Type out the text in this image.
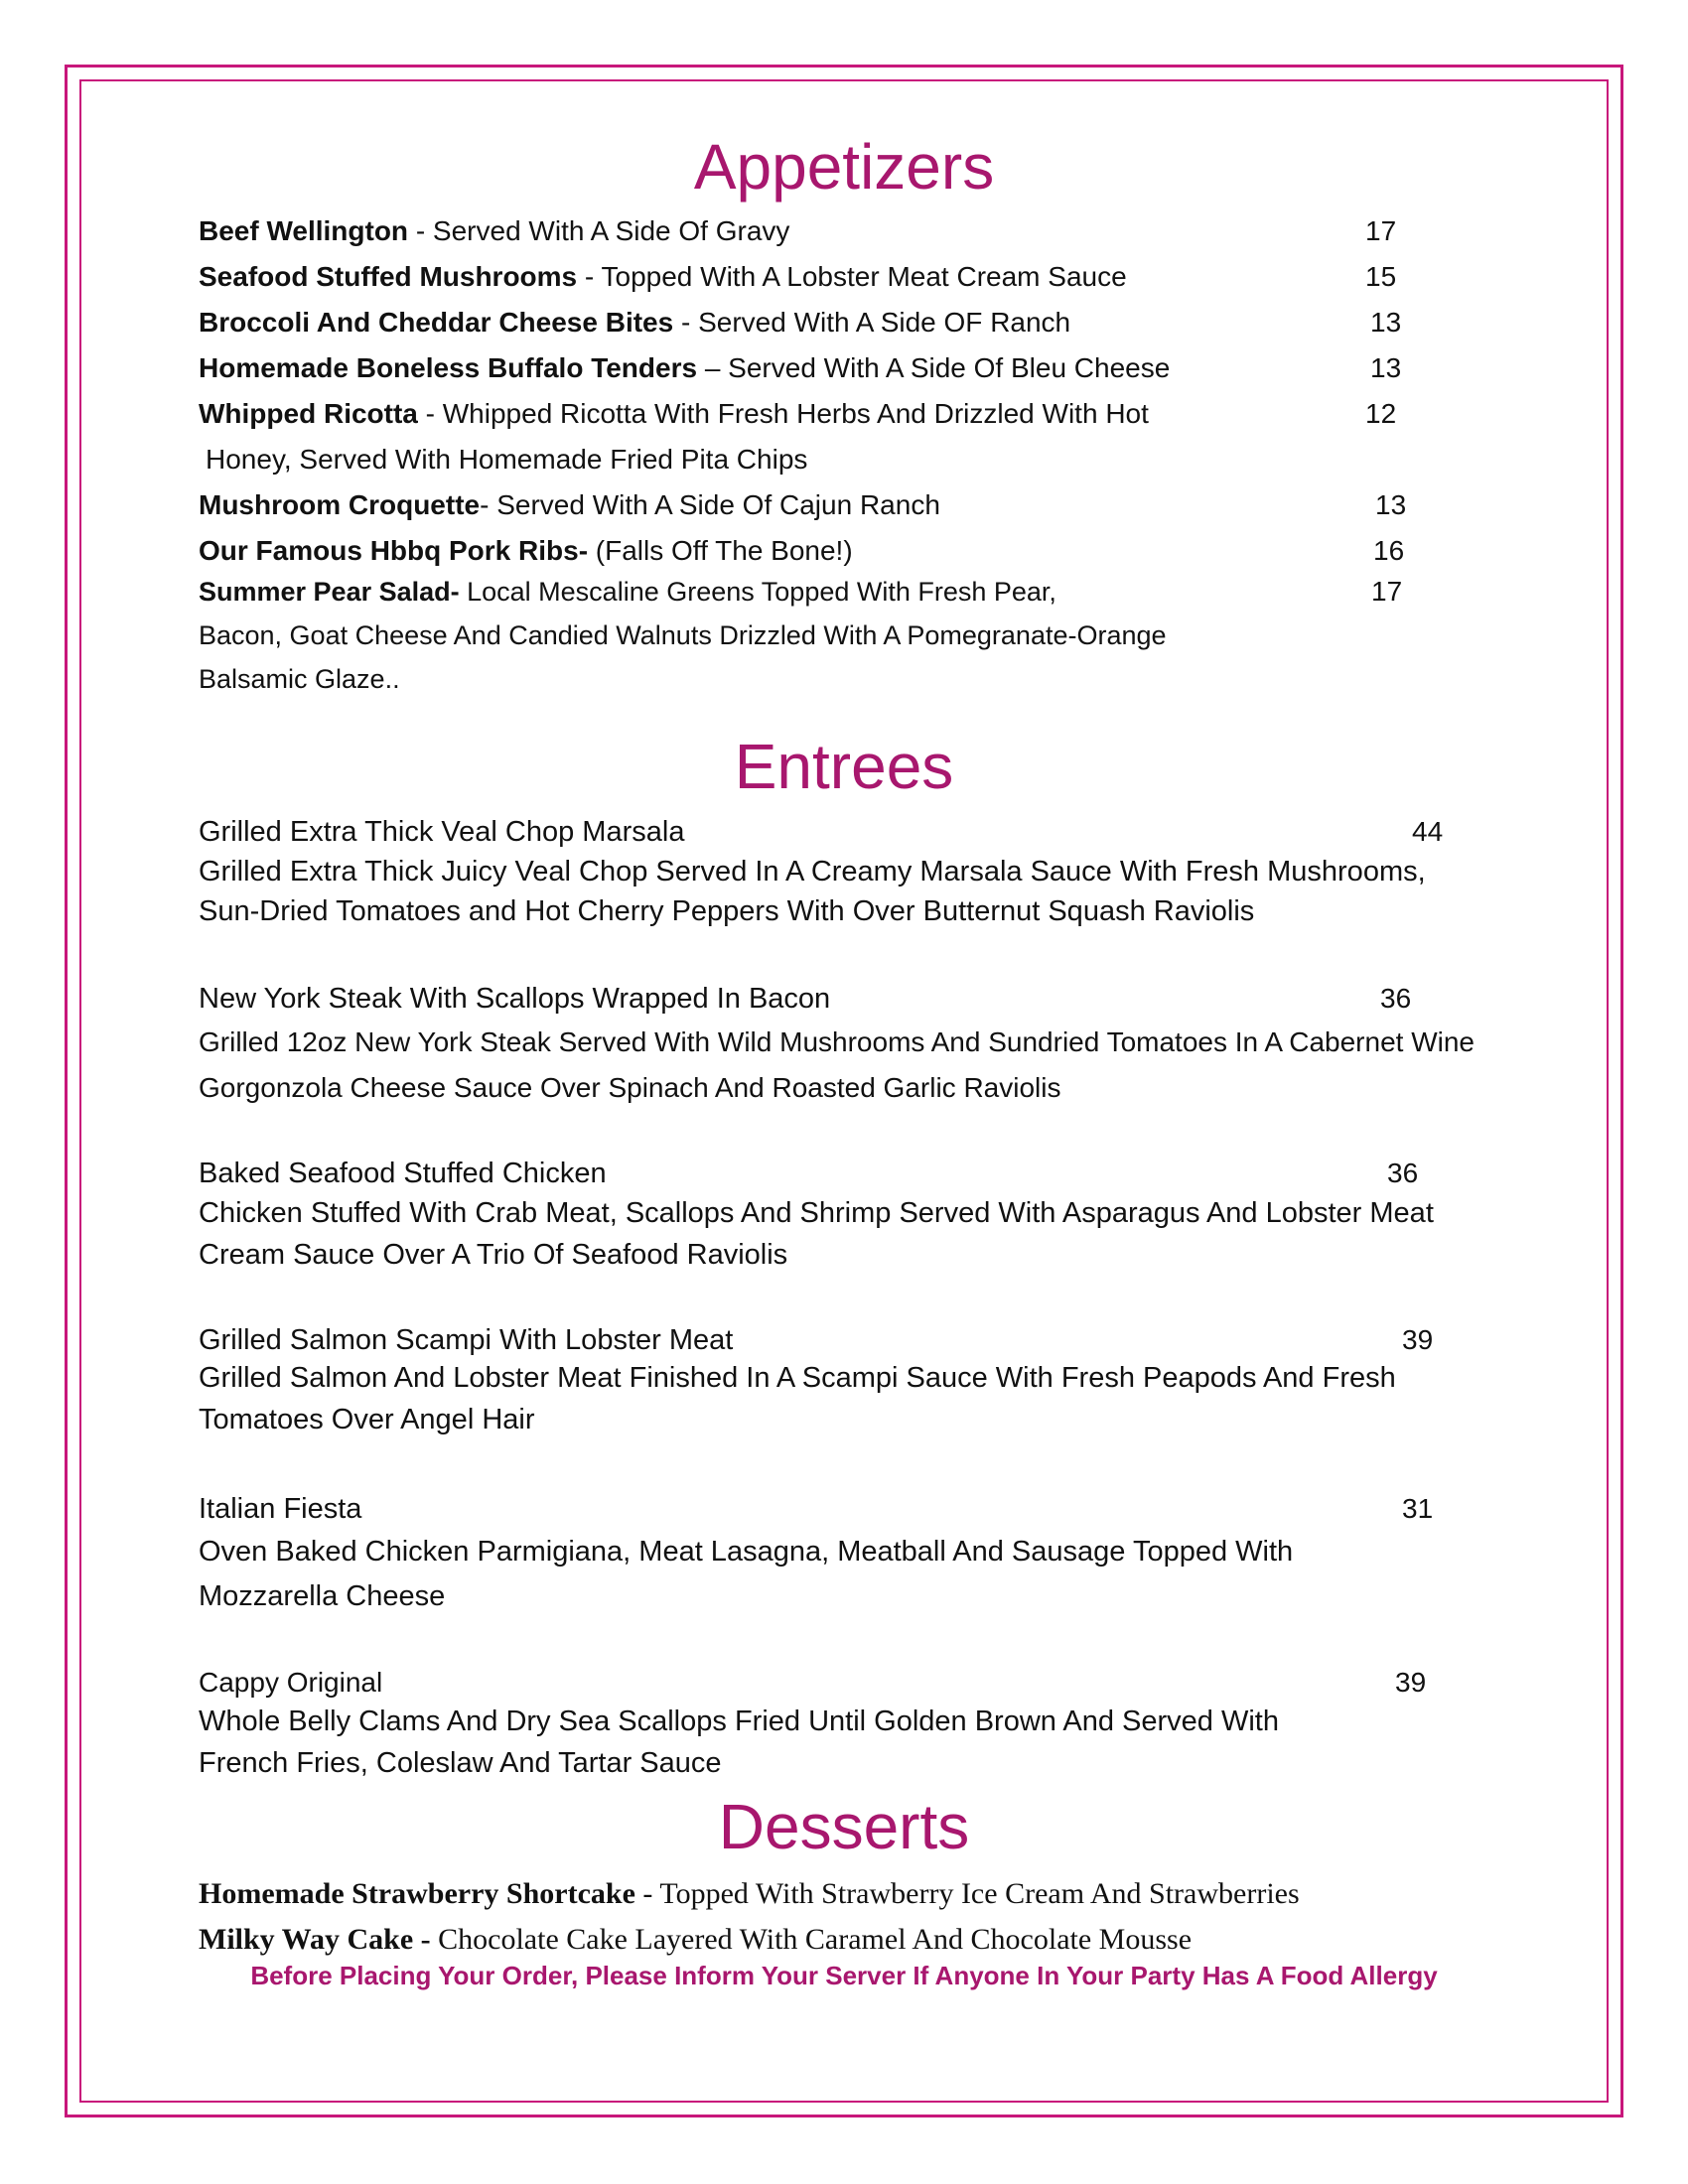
Appetizers
Beef Wellington - Served With A Side Of Gravy	17
Seafood Stuffed Mushrooms - Topped With A Lobster Meat Cream Sauce	15
Broccoli And Cheddar Cheese Bites - Served With A Side OF Ranch	13
Homemade Boneless Buffalo Tenders – Served With A Side Of Bleu Cheese	13
Whipped Ricotta - Whipped Ricotta With Fresh Herbs And Drizzled With Hot	12
Honey, Served With Homemade Fried Pita Chips
Mushroom Croquette- Served With A Side Of Cajun Ranch	13
Our Famous Hbbq Pork Ribs- (Falls Off The Bone!)	16
Summer Pear Salad- Local Mescaline Greens Topped With Fresh Pear,	17
Bacon, Goat Cheese And Candied Walnuts Drizzled With A Pomegranate-Orange
Balsamic Glaze..
Entrees
Grilled Extra Thick Veal Chop Marsala	44
Grilled Extra Thick Juicy Veal Chop Served In A Creamy Marsala Sauce With Fresh Mushrooms,
Sun-Dried Tomatoes and Hot Cherry Peppers With Over Butternut Squash Raviolis
New York Steak With Scallops Wrapped In Bacon	36
Grilled 12oz New York Steak Served With Wild Mushrooms And Sundried Tomatoes In A Cabernet Wine
Gorgonzola Cheese Sauce Over Spinach And Roasted Garlic Raviolis
Baked Seafood Stuffed Chicken	36
Chicken Stuffed With Crab Meat, Scallops And Shrimp Served With Asparagus And Lobster Meat
Cream Sauce Over A Trio Of Seafood Raviolis
Grilled Salmon Scampi With Lobster Meat	39
Grilled Salmon And Lobster Meat Finished In A Scampi Sauce With Fresh Peapods And Fresh
Tomatoes Over Angel Hair
Italian Fiesta	31
Oven Baked Chicken Parmigiana, Meat Lasagna, Meatball And Sausage Topped With
Mozzarella Cheese
Cappy Original	39
Whole Belly Clams And Dry Sea Scallops Fried Until Golden Brown And Served With
French Fries, Coleslaw And Tartar Sauce
Desserts
Homemade Strawberry Shortcake - Topped With Strawberry Ice Cream And Strawberries
Milky Way Cake - Chocolate Cake Layered With Caramel And Chocolate Mousse
Before Placing Your Order, Please Inform Your Server If Anyone In Your Party Has A Food Allergy
